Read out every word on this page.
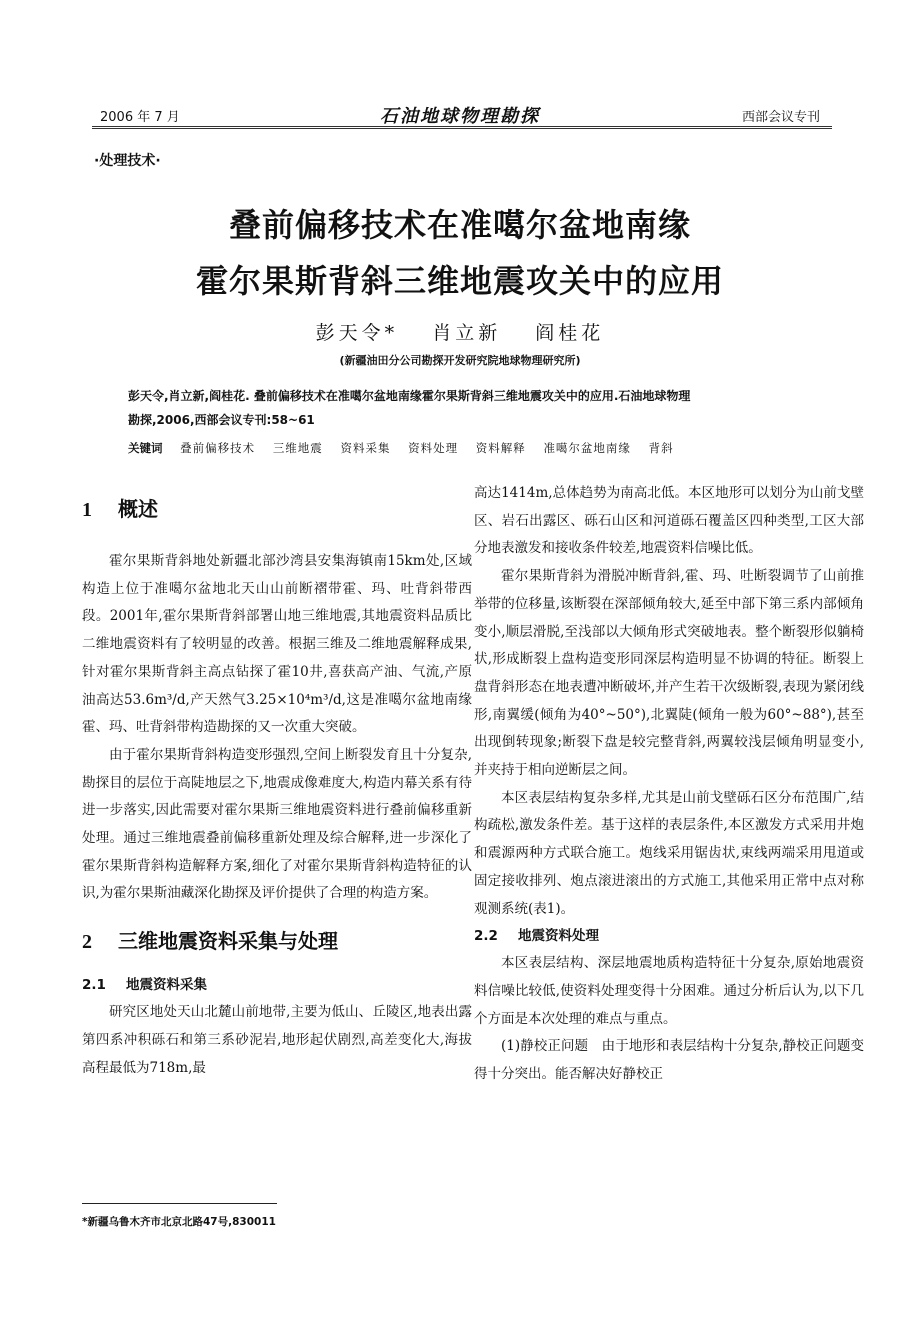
2006 年 7 月	石油地球物理勘探	西部会议专刊
·处理技术·
叠前偏移技术在准噶尔盆地南缘
霍尔果斯背斜三维地震攻关中的应用
彭天令* 肖立新 阎桂花
(新疆油田分公司勘探开发研究院地球物理研究所)
彭天令,肖立新,阎桂花. 叠前偏移技术在准噶尔盆地南缘霍尔果斯背斜三维地震攻关中的应用.石油地球物理
勘探,2006,西部会议专刊:58~61
关键词 叠前偏移技术 三维地震 资料采集 资料处理 资料解释 准噶尔盆地南缘 背斜
1 概述

霍尔果斯背斜地处新疆北部沙湾县安集海镇南15km处,区域构造上位于准噶尔盆地北天山山前断褶带霍、玛、吐背斜带西段。2001年,霍尔果斯背斜部署山地三维地震,其地震资料品质比二维地震资料有了较明显的改善。根据三维及二维地震解释成果,针对霍尔果斯背斜主高点钻探了霍10井,喜获高产油、气流,产原油高达53.6m³/d,产天然气3.25×10⁴m³/d,这是准噶尔盆地南缘霍、玛、吐背斜带构造勘探的又一次重大突破。

由于霍尔果斯背斜构造变形强烈,空间上断裂发育且十分复杂,勘探目的层位于高陡地层之下,地震成像难度大,构造内幕关系有待进一步落实,因此需要对霍尔果斯三维地震资料进行叠前偏移重新处理。通过三维地震叠前偏移重新处理及综合解释,进一步深化了霍尔果斯背斜构造解释方案,细化了对霍尔果斯背斜构造特征的认识,为霍尔果斯油藏深化勘探及评价提供了合理的构造方案。

2 三维地震资料采集与处理
2.1 地震资料采集

研究区地处天山北麓山前地带,主要为低山、丘陵区,地表出露第四系冲积砾石和第三系砂泥岩,地形起伏剧烈,高差变化大,海拔高程最低为718m,最

高达1414m,总体趋势为南高北低。本区地形可以划分为山前戈壁区、岩石出露区、砾石山区和河道砾石覆盖区四种类型,工区大部分地表激发和接收条件较差,地震资料信噪比低。

霍尔果斯背斜为滑脱冲断背斜,霍、玛、吐断裂调节了山前推举带的位移量,该断裂在深部倾角较大,延至中部下第三系内部倾角变小,顺层滑脱,至浅部以大倾角形式突破地表。整个断裂形似躺椅状,形成断裂上盘构造变形同深层构造明显不协调的特征。断裂上盘背斜形态在地表遭冲断破坏,并产生若干次级断裂,表现为紧闭线形,南翼缓(倾角为40°~50°),北翼陡(倾角一般为60°~88°),甚至出现倒转现象;断裂下盘是较完整背斜,两翼较浅层倾角明显变小,并夹持于相向逆断层之间。

本区表层结构复杂多样,尤其是山前戈壁砾石区分布范围广,结构疏松,激发条件差。基于这样的表层条件,本区激发方式采用井炮和震源两种方式联合施工。炮线采用锯齿状,束线两端采用甩道或固定接收排列、炮点滚进滚出的方式施工,其他采用正常中点对称观测系统(表1)。

2.2 地震资料处理

本区表层结构、深层地震地质构造特征十分复杂,原始地震资料信噪比较低,使资料处理变得十分困难。通过分析后认为,以下几个方面是本次处理的难点与重点。

(1)静校正问题　由于地形和表层结构十分复杂,静校正问题变得十分突出。能否解决好静校正

*新疆乌鲁木齐市北京北路47号,830011
